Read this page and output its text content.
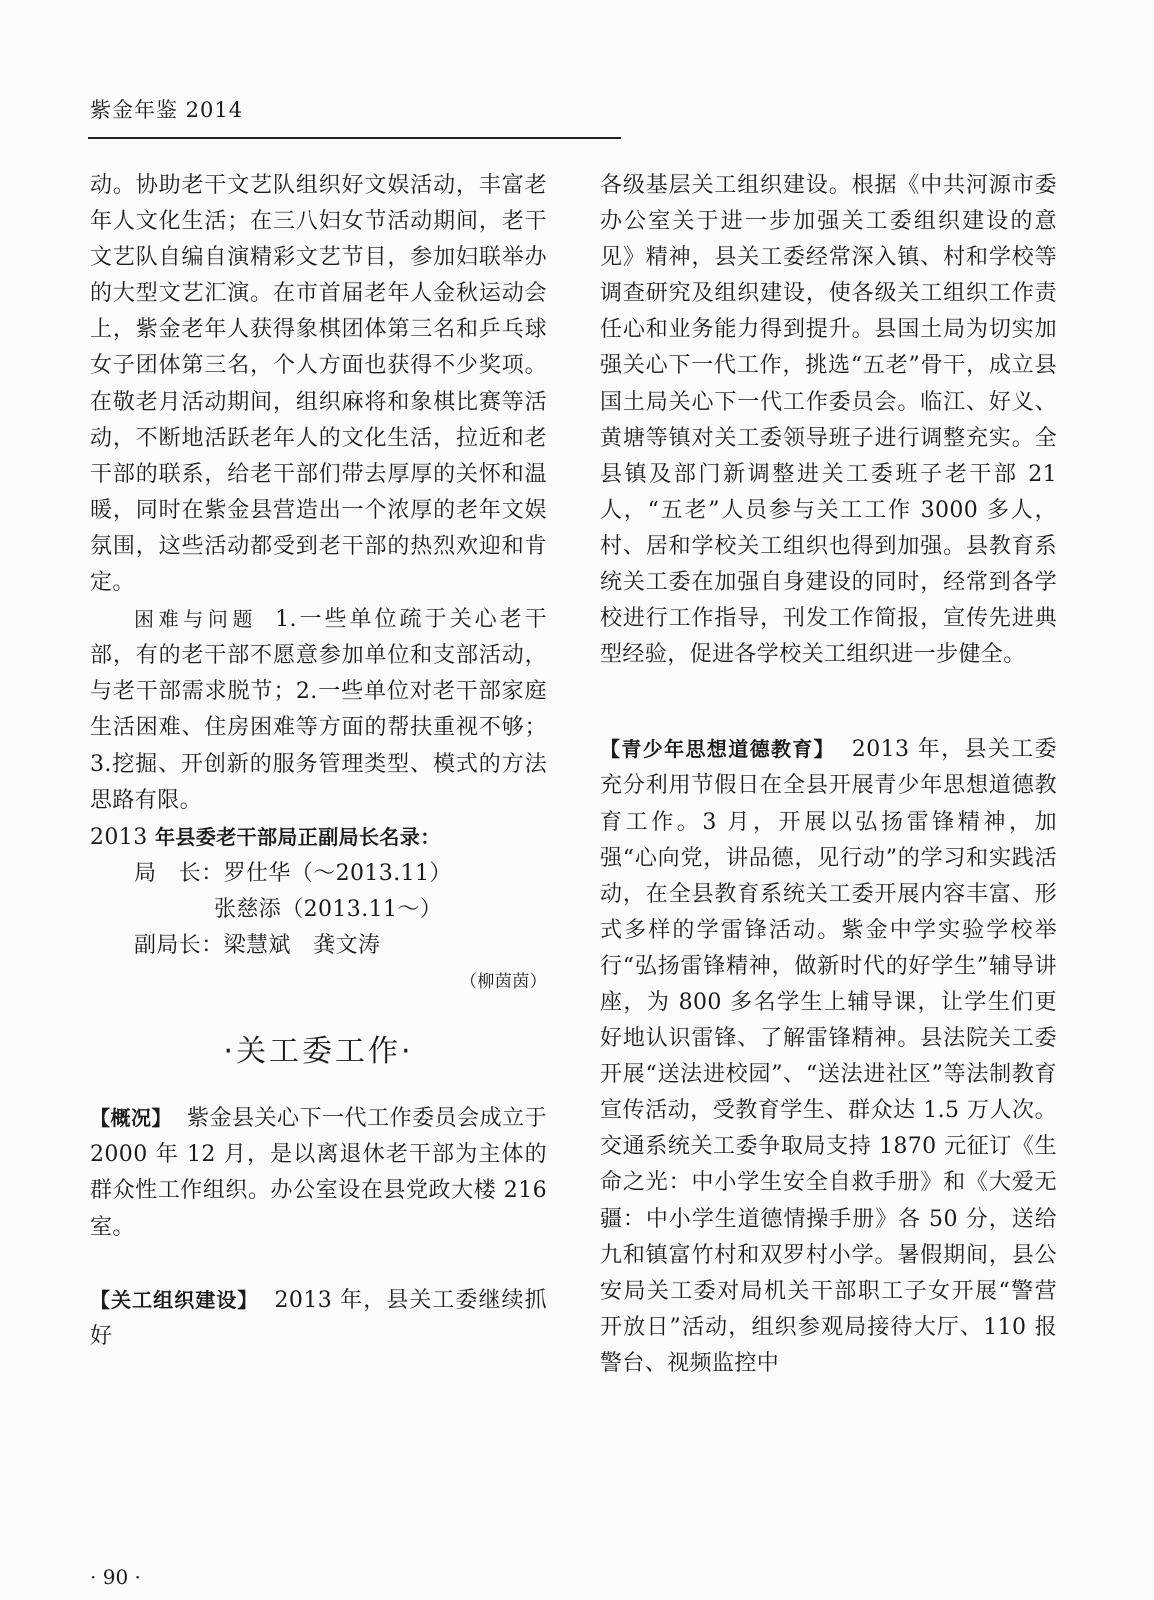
紫金年鉴 2014

动。协助老干文艺队组织好文娱活动，丰富老年人文化生活；在三八妇女节活动期间，老干文艺队自编自演精彩文艺节目，参加妇联举办的大型文艺汇演。在市首届老年人金秋运动会上，紫金老年人获得象棋团体第三名和乒乓球女子团体第三名，个人方面也获得不少奖项。在敬老月活动期间，组织麻将和象棋比赛等活动，不断地活跃老年人的文化生活，拉近和老干部的联系，给老干部们带去厚厚的关怀和温暖，同时在紫金县营造出一个浓厚的老年文娱氛围，这些活动都受到老干部的热烈欢迎和肯定。

困难与问题 1.一些单位疏于关心老干部，有的老干部不愿意参加单位和支部活动，与老干部需求脱节；2.一些单位对老干部家庭生活困难、住房困难等方面的帮扶重视不够；3.挖掘、开创新的服务管理类型、模式的方法思路有限。

2013 年县委老干部局正副局长名录：

局　长：罗仕华（～2013.11）

张慈添（2013.11～）

副局长：梁慧斌　龚文涛

（柳茵茵）

·关工委工作·

【概况】 紫金县关心下一代工作委员会成立于 2000 年 12 月，是以离退休老干部为主体的群众性工作组织。办公室设在县党政大楼 216 室。

【关工组织建设】 2013 年，县关工委继续抓好

各级基层关工组织建设。根据《中共河源市委办公室关于进一步加强关工委组织建设的意见》精神，县关工委经常深入镇、村和学校等调查研究及组织建设，使各级关工组织工作责任心和业务能力得到提升。县国土局为切实加强关心下一代工作，挑选“五老”骨干，成立县国土局关心下一代工作委员会。临江、好义、黄塘等镇对关工委领导班子进行调整充实。全县镇及部门新调整进关工委班子老干部 21 人，“五老”人员参与关工工作 3000 多人，村、居和学校关工组织也得到加强。县教育系统关工委在加强自身建设的同时，经常到各学校进行工作指导，刊发工作简报，宣传先进典型经验，促进各学校关工组织进一步健全。

【青少年思想道德教育】 2013 年，县关工委充分利用节假日在全县开展青少年思想道德教育工作。3 月，开展以弘扬雷锋精神，加强“心向党，讲品德，见行动”的学习和实践活动，在全县教育系统关工委开展内容丰富、形式多样的学雷锋活动。紫金中学实验学校举行“弘扬雷锋精神，做新时代的好学生”辅导讲座，为 800 多名学生上辅导课，让学生们更好地认识雷锋、了解雷锋精神。县法院关工委开展“送法进校园”、“送法进社区”等法制教育宣传活动，受教育学生、群众达 1.5 万人次。交通系统关工委争取局支持 1870 元征订《生命之光：中小学生安全自救手册》和《大爱无疆：中小学生道德情操手册》各 50 分，送给九和镇富竹村和双罗村小学。暑假期间，县公安局关工委对局机关干部职工子女开展“警营开放日”活动，组织参观局接待大厅、110 报警台、视频监控中

· 90 ·
